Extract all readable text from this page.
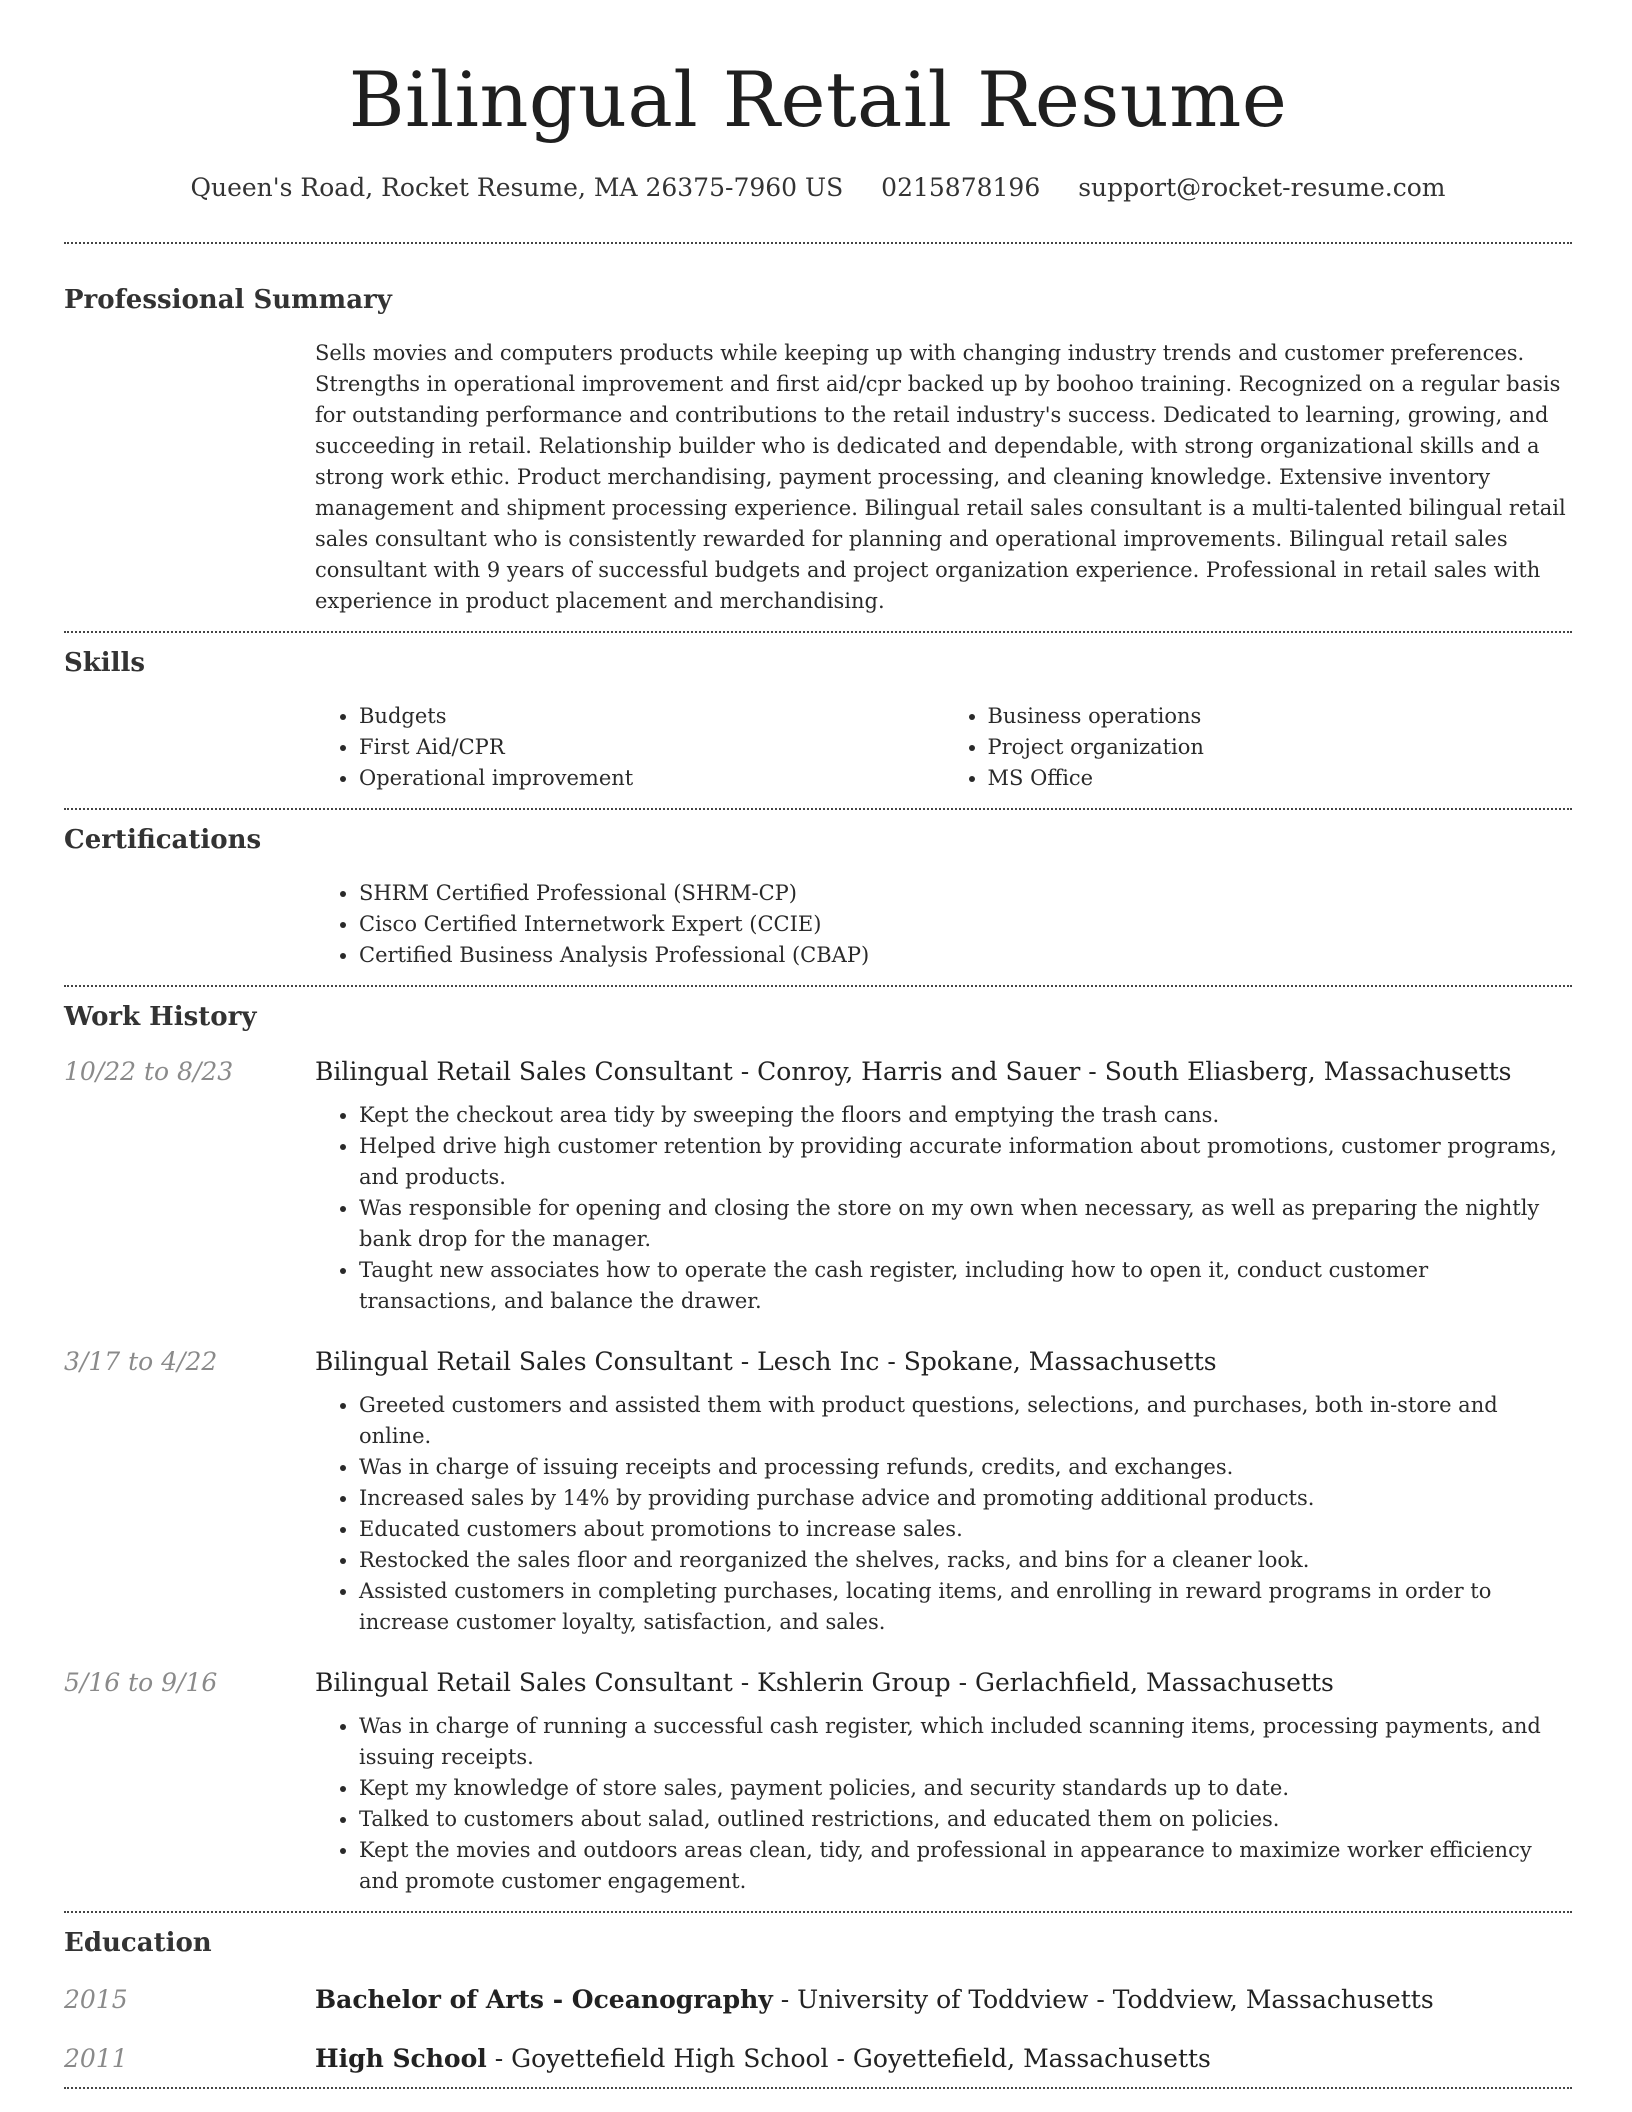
Bilingual Retail Resume
Queen's Road, Rocket Resume, MA 26375-7960 US 0215878196 support@rocket-resume.com
Professional Summary

Sells movies and computers products while keeping up with changing industry trends and customer preferences. Strengths in operational improvement and first aid/cpr backed up by boohoo training. Recognized on a regular basis for outstanding performance and contributions to the retail industry's success. Dedicated to learning, growing, and succeeding in retail. Relationship builder who is dedicated and dependable, with strong organizational skills and a strong work ethic. Product merchandising, payment processing, and cleaning knowledge. Extensive inventory management and shipment processing experience. Bilingual retail sales consultant is a multi-talented bilingual retail sales consultant who is consistently rewarded for planning and operational improvements. Bilingual retail sales consultant with 9 years of successful budgets and project organization experience. Professional in retail sales with experience in product placement and merchandising.

Skills
• Budgets
• First Aid/CPR
• Operational improvement
• Business operations
• Project organization
• MS Office
Certifications
• SHRM Certified Professional (SHRM-CP)
• Cisco Certified Internetwork Expert (CCIE)
• Certified Business Analysis Professional (CBAP)
Work History
10/22 to 8/23	Bilingual Retail Sales Consultant - Conroy, Harris and Sauer - South Eliasberg, Massachusetts
• Kept the checkout area tidy by sweeping the floors and emptying the trash cans.
• Helped drive high customer retention by providing accurate information about promotions, customer programs, and products.
• Was responsible for opening and closing the store on my own when necessary, as well as preparing the nightly bank drop for the manager.
• Taught new associates how to operate the cash register, including how to open it, conduct customer transactions, and balance the drawer.
3/17 to 4/22	Bilingual Retail Sales Consultant - Lesch Inc - Spokane, Massachusetts
• Greeted customers and assisted them with product questions, selections, and purchases, both in-store and online.
• Was in charge of issuing receipts and processing refunds, credits, and exchanges.
• Increased sales by 14% by providing purchase advice and promoting additional products.
• Educated customers about promotions to increase sales.
• Restocked the sales floor and reorganized the shelves, racks, and bins for a cleaner look.
• Assisted customers in completing purchases, locating items, and enrolling in reward programs in order to increase customer loyalty, satisfaction, and sales.
5/16 to 9/16	Bilingual Retail Sales Consultant - Kshlerin Group - Gerlachfield, Massachusetts
• Was in charge of running a successful cash register, which included scanning items, processing payments, and issuing receipts.
• Kept my knowledge of store sales, payment policies, and security standards up to date.
• Talked to customers about salad, outlined restrictions, and educated them on policies.
• Kept the movies and outdoors areas clean, tidy, and professional in appearance to maximize worker efficiency and promote customer engagement.
Education
2015	Bachelor of Arts - Oceanography - University of Toddview - Toddview, Massachusetts
2011	High School - Goyettefield High School - Goyettefield, Massachusetts
